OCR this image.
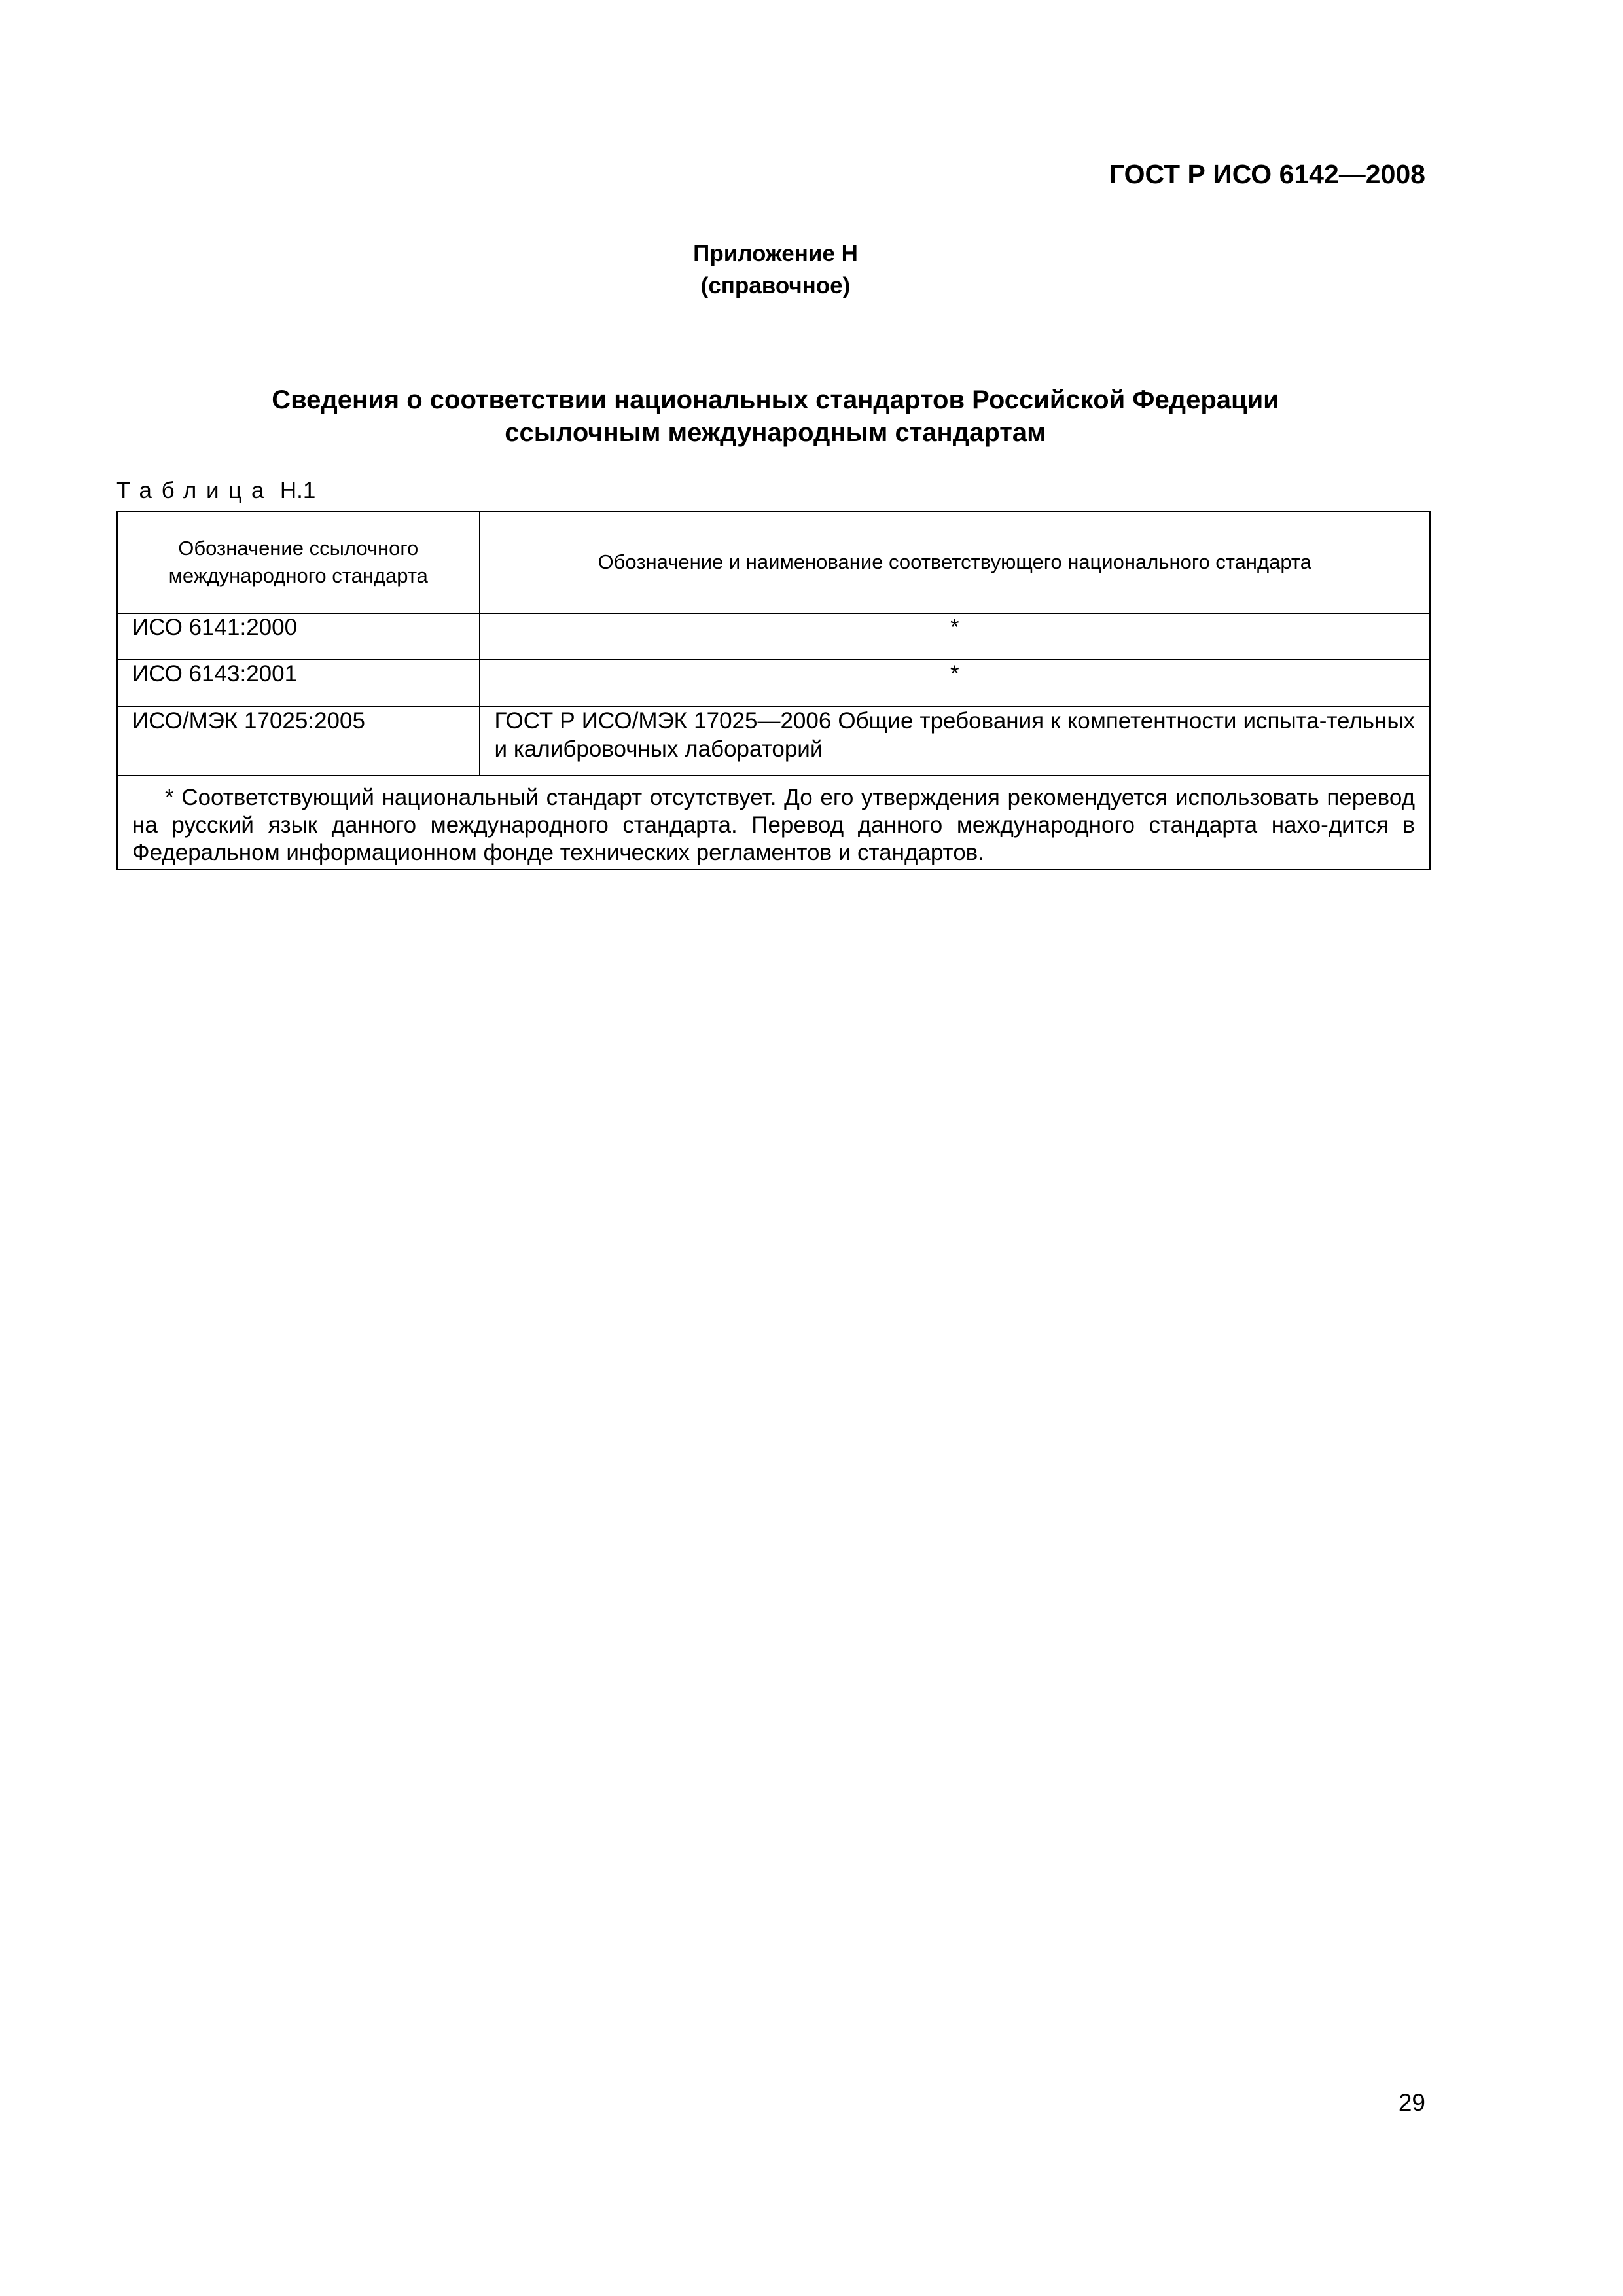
ГОСТ Р ИСО 6142—2008
Приложение Н
(справочное)
Сведения о соответствии национальных стандартов Российской Федерации
ссылочным международным стандартам
Таблица Н.1
Обозначение ссылочного международного стандарта	Обозначение и наименование соответствующего национального стандарта
ИСО 6141:2000	*
ИСО 6143:2001	*
ИСО/МЭК 17025:2005	ГОСТ Р ИСО/МЭК 17025—2006 Общие требования к компетентности испыта-тельных и калибровочных лабораторий
* Соответствующий национальный стандарт отсутствует. До его утверждения рекомендуется использовать перевод на русский язык данного международного стандарта. Перевод данного международного стандарта нахо-дится в Федеральном информационном фонде технических регламентов и стандартов.	
29
